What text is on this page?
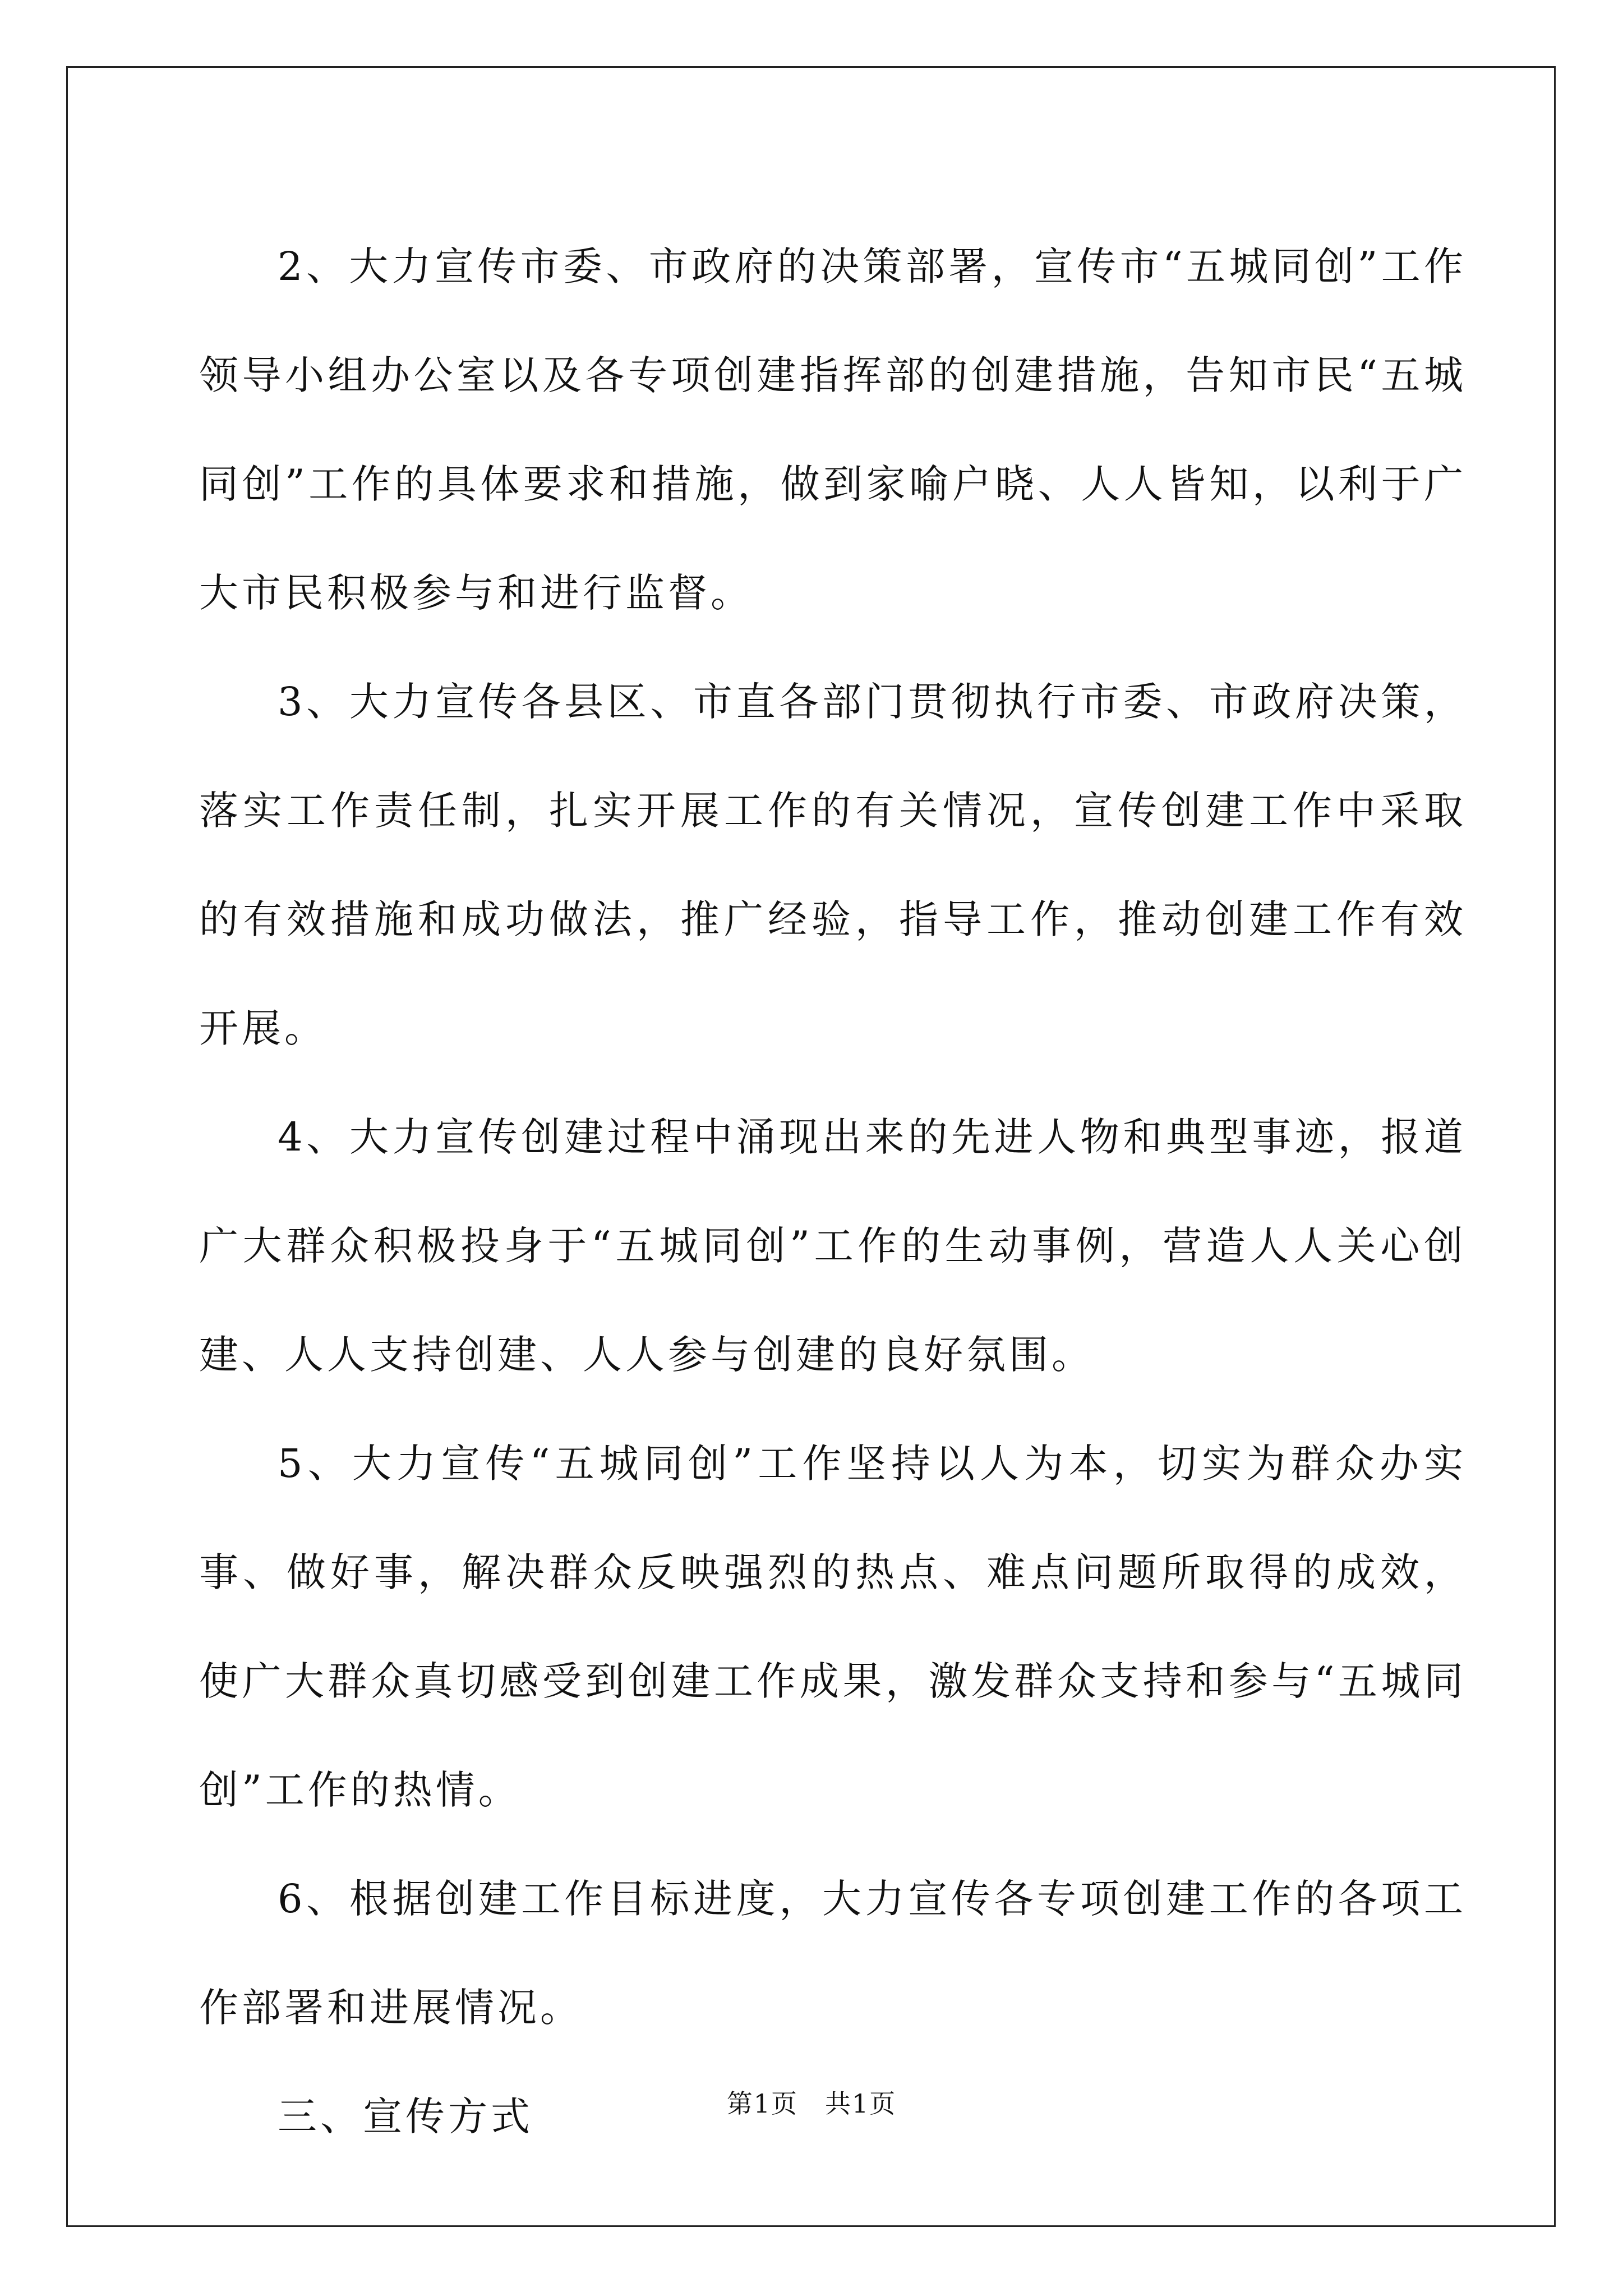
2、大力宣传市委、市政府的决策部署，宣传市“五城同创”工作领导小组办公室以及各专项创建指挥部的创建措施，告知市民“五城同创”工作的具体要求和措施，做到家喻户晓、人人皆知，以利于广大市民积极参与和进行监督。

3、大力宣传各县区、市直各部门贯彻执行市委、市政府决策，落实工作责任制，扎实开展工作的有关情况，宣传创建工作中采取的有效措施和成功做法，推广经验，指导工作，推动创建工作有效开展。

4、大力宣传创建过程中涌现出来的先进人物和典型事迹，报道广大群众积极投身于“五城同创”工作的生动事例，营造人人关心创建、人人支持创建、人人参与创建的良好氛围。

5、大力宣传“五城同创”工作坚持以人为本，切实为群众办实事、做好事，解决群众反映强烈的热点、难点问题所取得的成效，使广大群众真切感受到创建工作成果，激发群众支持和参与“五城同创”工作的热情。

6、根据创建工作目标进度，大力宣传各专项创建工作的各项工作部署和进展情况。

三、宣传方式	第1页　共1页
